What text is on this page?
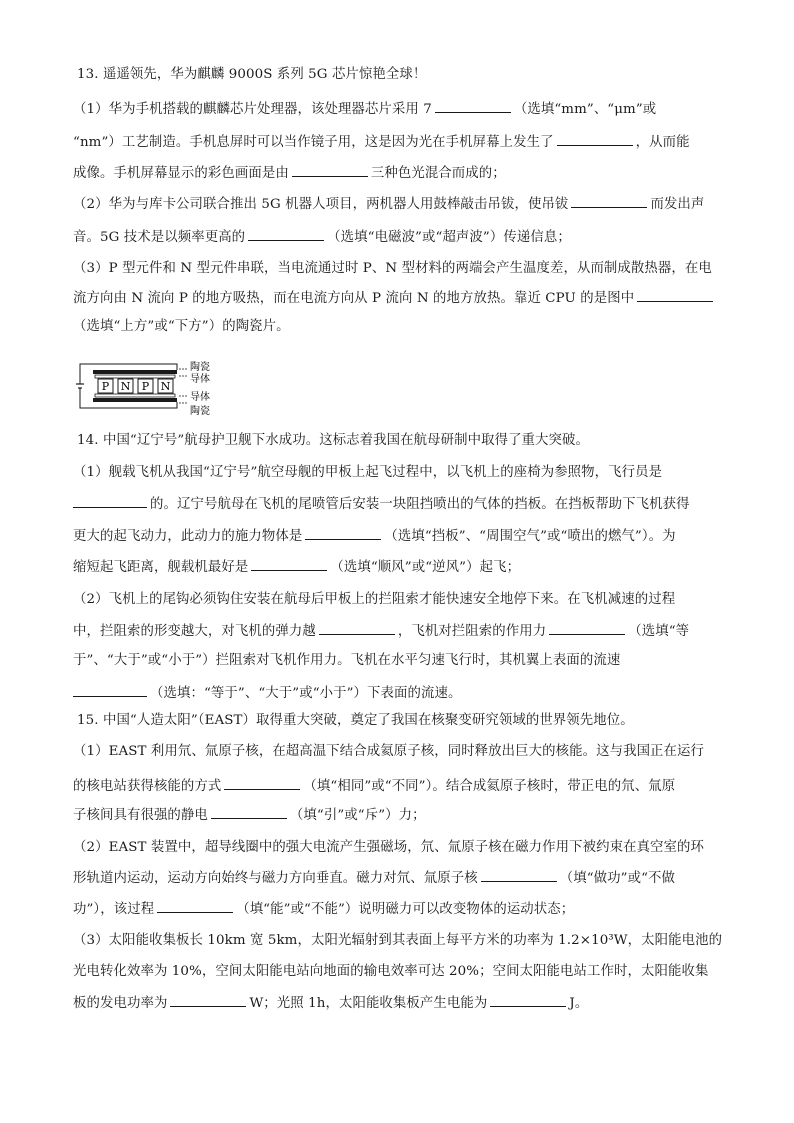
13. 遥遥领先，华为麒麟 9000S 系列 5G 芯片惊艳全球！
（1）华为手机搭载的麒麟芯片处理器，该处理器芯片采用 7	（选填“mm”、“μm”或
“nm”）工艺制造。手机息屏时可以当作镜子用，这是因为光在手机屏幕上发生了	，从而能
成像。手机屏幕显示的彩色画面是由	三种色光混合而成的；
（2）华为与库卡公司联合推出 5G 机器人项目，两机器人用鼓棒敲击吊钹，使吊钹	而发出声
音。5G 技术是以频率更高的	（选填“电磁波”或“超声波”）传递信息；
（3）P 型元件和 N 型元件串联，当电流通过时 P、N 型材料的两端会产生温度差，从而制成散热器，在电
流方向由 N 流向 P 的地方吸热，而在电流方向从 P 流向 N 的地方放热。靠近 CPU 的是图中
（选填“上方”或“下方”）的陶瓷片。
P N P N
陶瓷
导体
导体
陶瓷
14. 中国“辽宁号”航母护卫舰下水成功。这标志着我国在航母研制中取得了重大突破。
（1）舰载飞机从我国“辽宁号”航空母舰的甲板上起飞过程中，以飞机上的座椅为参照物，飞行员是
的。辽宁号航母在飞机的尾喷管后安装一块阻挡喷出的气体的挡板。在挡板帮助下飞机获得
更大的起飞动力，此动力的施力物体是	（选填“挡板”、“周围空气”或“喷出的燃气”）。为
缩短起飞距离，舰载机最好是	（选填“顺风”或“逆风”）起飞；
（2）飞机上的尾钩必须钩住安装在航母后甲板上的拦阻索才能快速安全地停下来。在飞机减速的过程
中，拦阻索的形变越大，对飞机的弹力越	，飞机对拦阻索的作用力	（选填“等
于”、“大于”或“小于”）拦阻索对飞机作用力。飞机在水平匀速飞行时，其机翼上表面的流速
（选填：“等于”、“大于”或“小于”）下表面的流速。
15. 中国“人造太阳”（EAST）取得重大突破，奠定了我国在核聚变研究领域的世界领先地位。
（1）EAST 利用氘、氚原子核，在超高温下结合成氦原子核，同时释放出巨大的核能。这与我国正在运行
的核电站获得核能的方式	（填“相同”或“不同”）。结合成氦原子核时，带正电的氘、氚原
子核间具有很强的静电	（填“引”或“斥”）力；
（2）EAST 装置中，超导线圈中的强大电流产生强磁场，氘、氚原子核在磁力作用下被约束在真空室的环
形轨道内运动，运动方向始终与磁力方向垂直。磁力对氘、氚原子核	（填“做功”或“不做
功”），该过程	（填“能”或“不能”）说明磁力可以改变物体的运动状态；
（3）太阳能收集板长 10km 宽 5km，太阳光辐射到其表面上每平方米的功率为 1.2×10³W，太阳能电池的
光电转化效率为 10%，空间太阳能电站向地面的输电效率可达 20%；空间太阳能电站工作时，太阳能收集
板的发电功率为	W；光照 1h，太阳能收集板产生电能为	J。
